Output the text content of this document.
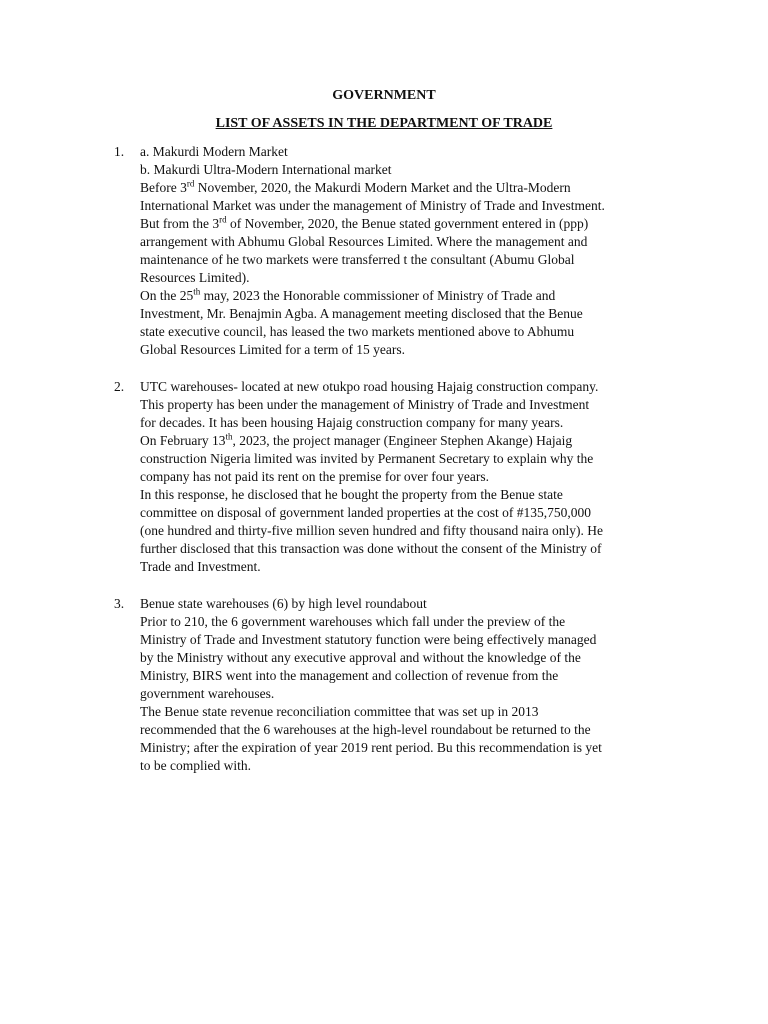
GOVERNMENT
LIST OF ASSETS IN THE DEPARTMENT OF TRADE
1. a. Makurdi Modern Market
b. Makurdi Ultra-Modern International market
Before 3rd November, 2020, the Makurdi Modern Market and the Ultra-Modern
International Market was under the management of Ministry of Trade and Investment.
But from the 3rd of November, 2020, the Benue stated government entered in (ppp)
arrangement with Abhumu Global Resources Limited. Where the management and
maintenance of he two markets were transferred t the consultant (Abumu Global
Resources Limited).
On the 25th may, 2023 the Honorable commissioner of Ministry of Trade and
Investment, Mr. Benajmin Agba. A management meeting disclosed that the Benue
state executive council, has leased the two markets mentioned above to Abhumu
Global Resources Limited for a term of 15 years.
2. UTC warehouses- located at new otukpo road housing Hajaig construction company.
This property has been under the management of Ministry of Trade and Investment
for decades. It has been housing Hajaig construction company for many years.
On February 13th, 2023, the project manager (Engineer Stephen Akange) Hajaig
construction Nigeria limited was invited by Permanent Secretary to explain why the
company has not paid its rent on the premise for over four years.
In this response, he disclosed that he bought the property from the Benue state
committee on disposal of government landed properties at the cost of #135,750,000
(one hundred and thirty-five million seven hundred and fifty thousand naira only). He
further disclosed that this transaction was done without the consent of the Ministry of
Trade and Investment.
3. Benue state warehouses (6) by high level roundabout
Prior to 210, the 6 government warehouses which fall under the preview of the
Ministry of Trade and Investment statutory function were being effectively managed
by the Ministry without any executive approval and without the knowledge of the
Ministry, BIRS went into the management and collection of revenue from the
government warehouses.
The Benue state revenue reconciliation committee that was set up in 2013
recommended that the 6 warehouses at the high-level roundabout be returned to the
Ministry; after the expiration of year 2019 rent period. Bu this recommendation is yet
to be complied with.
